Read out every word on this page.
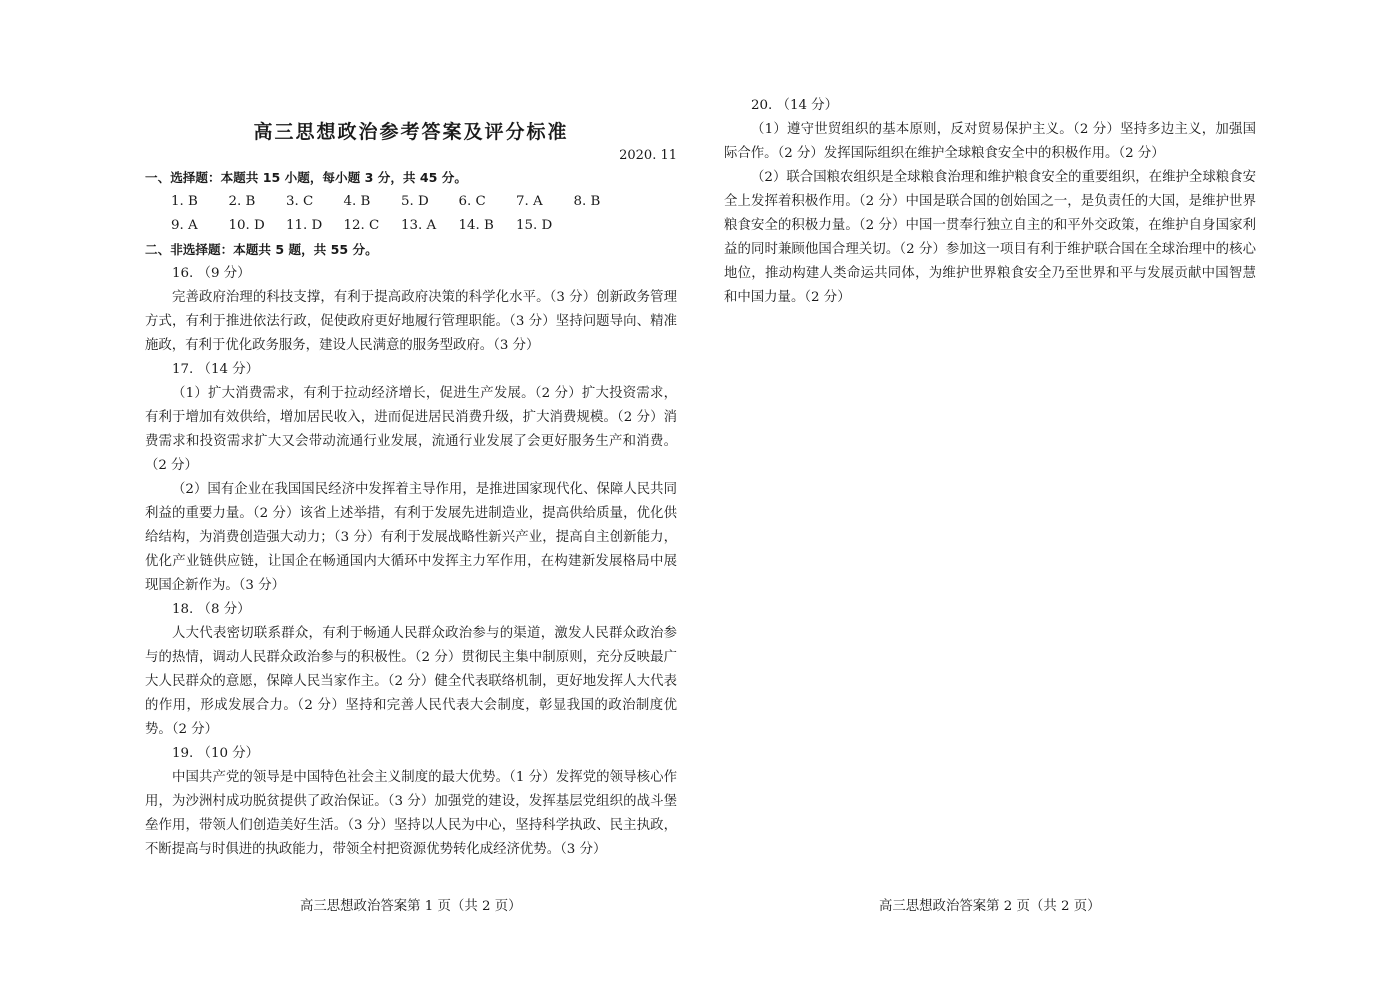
高三思想政治参考答案及评分标准
2020. 11
一、选择题：本题共 15 小题，每小题 3 分，共 45 分。
1. B	2. B	3. C	4. B	5. D	6. C	7. A	8. B
9. A	10. D	11. D	12. C	13. A	14. B	15. D
二、非选择题：本题共 5 题，共 55 分。
16. （9 分）

完善政府治理的科技支撑，有利于提高政府决策的科学化水平。（3 分）创新政务管理方式，有利于推进依法行政，促使政府更好地履行管理职能。（3 分）坚持问题导向、精准施政，有利于优化政务服务，建设人民满意的服务型政府。（3 分）

17. （14 分）

（1）扩大消费需求，有利于拉动经济增长，促进生产发展。（2 分）扩大投资需求，有利于增加有效供给，增加居民收入，进而促进居民消费升级，扩大消费规模。（2 分）消费需求和投资需求扩大又会带动流通行业发展，流通行业发展了会更好服务生产和消费。（2 分）

（2）国有企业在我国国民经济中发挥着主导作用，是推进国家现代化、保障人民共同利益的重要力量。（2 分）该省上述举措，有利于发展先进制造业，提高供给质量，优化供给结构，为消费创造强大动力；（3 分）有利于发展战略性新兴产业，提高自主创新能力，优化产业链供应链，让国企在畅通国内大循环中发挥主力军作用，在构建新发展格局中展现国企新作为。（3 分）

18. （8 分）

人大代表密切联系群众，有利于畅通人民群众政治参与的渠道，激发人民群众政治参与的热情，调动人民群众政治参与的积极性。（2 分）贯彻民主集中制原则，充分反映最广大人民群众的意愿，保障人民当家作主。（2 分）健全代表联络机制，更好地发挥人大代表的作用，形成发展合力。（2 分）坚持和完善人民代表大会制度，彰显我国的政治制度优势。（2 分）

19. （10 分）

中国共产党的领导是中国特色社会主义制度的最大优势。（1 分）发挥党的领导核心作用，为沙洲村成功脱贫提供了政治保证。（3 分）加强党的建设，发挥基层党组织的战斗堡垒作用，带领人们创造美好生活。（3 分）坚持以人民为中心，坚持科学执政、民主执政，不断提高与时俱进的执政能力，带领全村把资源优势转化成经济优势。（3 分）

20. （14 分）

（1）遵守世贸组织的基本原则，反对贸易保护主义。（2 分）坚持多边主义，加强国际合作。（2 分）发挥国际组织在维护全球粮食安全中的积极作用。（2 分）

（2）联合国粮农组织是全球粮食治理和维护粮食安全的重要组织，在维护全球粮食安全上发挥着积极作用。（2 分）中国是联合国的创始国之一，是负责任的大国，是维护世界粮食安全的积极力量。（2 分）中国一贯奉行独立自主的和平外交政策，在维护自身国家利益的同时兼顾他国合理关切。（2 分）参加这一项目有利于维护联合国在全球治理中的核心地位，推动构建人类命运共同体，为维护世界粮食安全乃至世界和平与发展贡献中国智慧和中国力量。（2 分）

高三思想政治答案第 1 页（共 2 页）	高三思想政治答案第 2 页（共 2 页）
